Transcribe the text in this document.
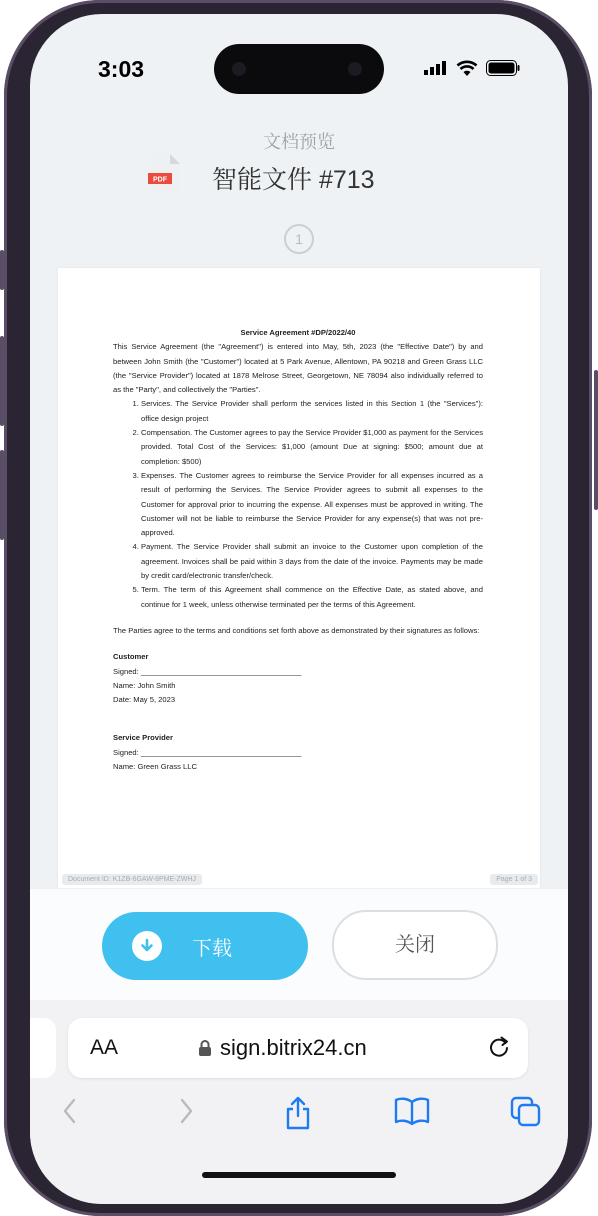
3:03
文档预览
PDF 智能文件 #713
1
Service Agreement #DP/2022/40
This Service Agreement (the "Agreement") is entered into May, 5th, 2023 (the "Effective Date") by and between John Smith (the "Customer") located at 5 Park Avenue, Allentown, PA 90218 and Green Grass LLC (the "Service Provider") located at 1878 Melrose Street, Georgetown, NE 78094 also individually referred to as the "Party", and collectively the "Parties".
1. Services. The Service Provider shall perform the services listed in this Section 1 (the "Services"): office design project
2. Compensation. The Customer agrees to pay the Service Provider $1,000 as payment for the Services provided. Total Cost of the Services: $1,000 (amount Due at signing: $500; amount due at completion: $500)
3. Expenses. The Customer agrees to reimburse the Service Provider for all expenses incurred as a result of performing the Services. The Service Provider agrees to submit all expenses to the Customer for approval prior to incurring the expense. All expenses must be approved in writing. The Customer will not be liable to reimburse the Service Provider for any expense(s) that was not pre-approved.
4. Payment. The Service Provider shall submit an invoice to the Customer upon completion of the agreement. Invoices shall be paid within 3 days from the date of the invoice. Payments may be made by credit card/electronic transfer/check.
5. Term. The term of this Agreement shall commence on the Effective Date, as stated above, and continue for 1 week, unless otherwise terminated per the terms of this Agreement.
The Parties agree to the terms and conditions set forth above as demonstrated by their signatures as follows:
Customer
Signed: ______________________________________
Name: John Smith
Date: May 5, 2023
Service Provider
Signed: ______________________________________
Name: Green Grass LLC
Document ID: K1ZB-6GAW-8PME-ZWHJ	Page 1 of 3
下载	关闭
AA	sign.bitrix24.cn
